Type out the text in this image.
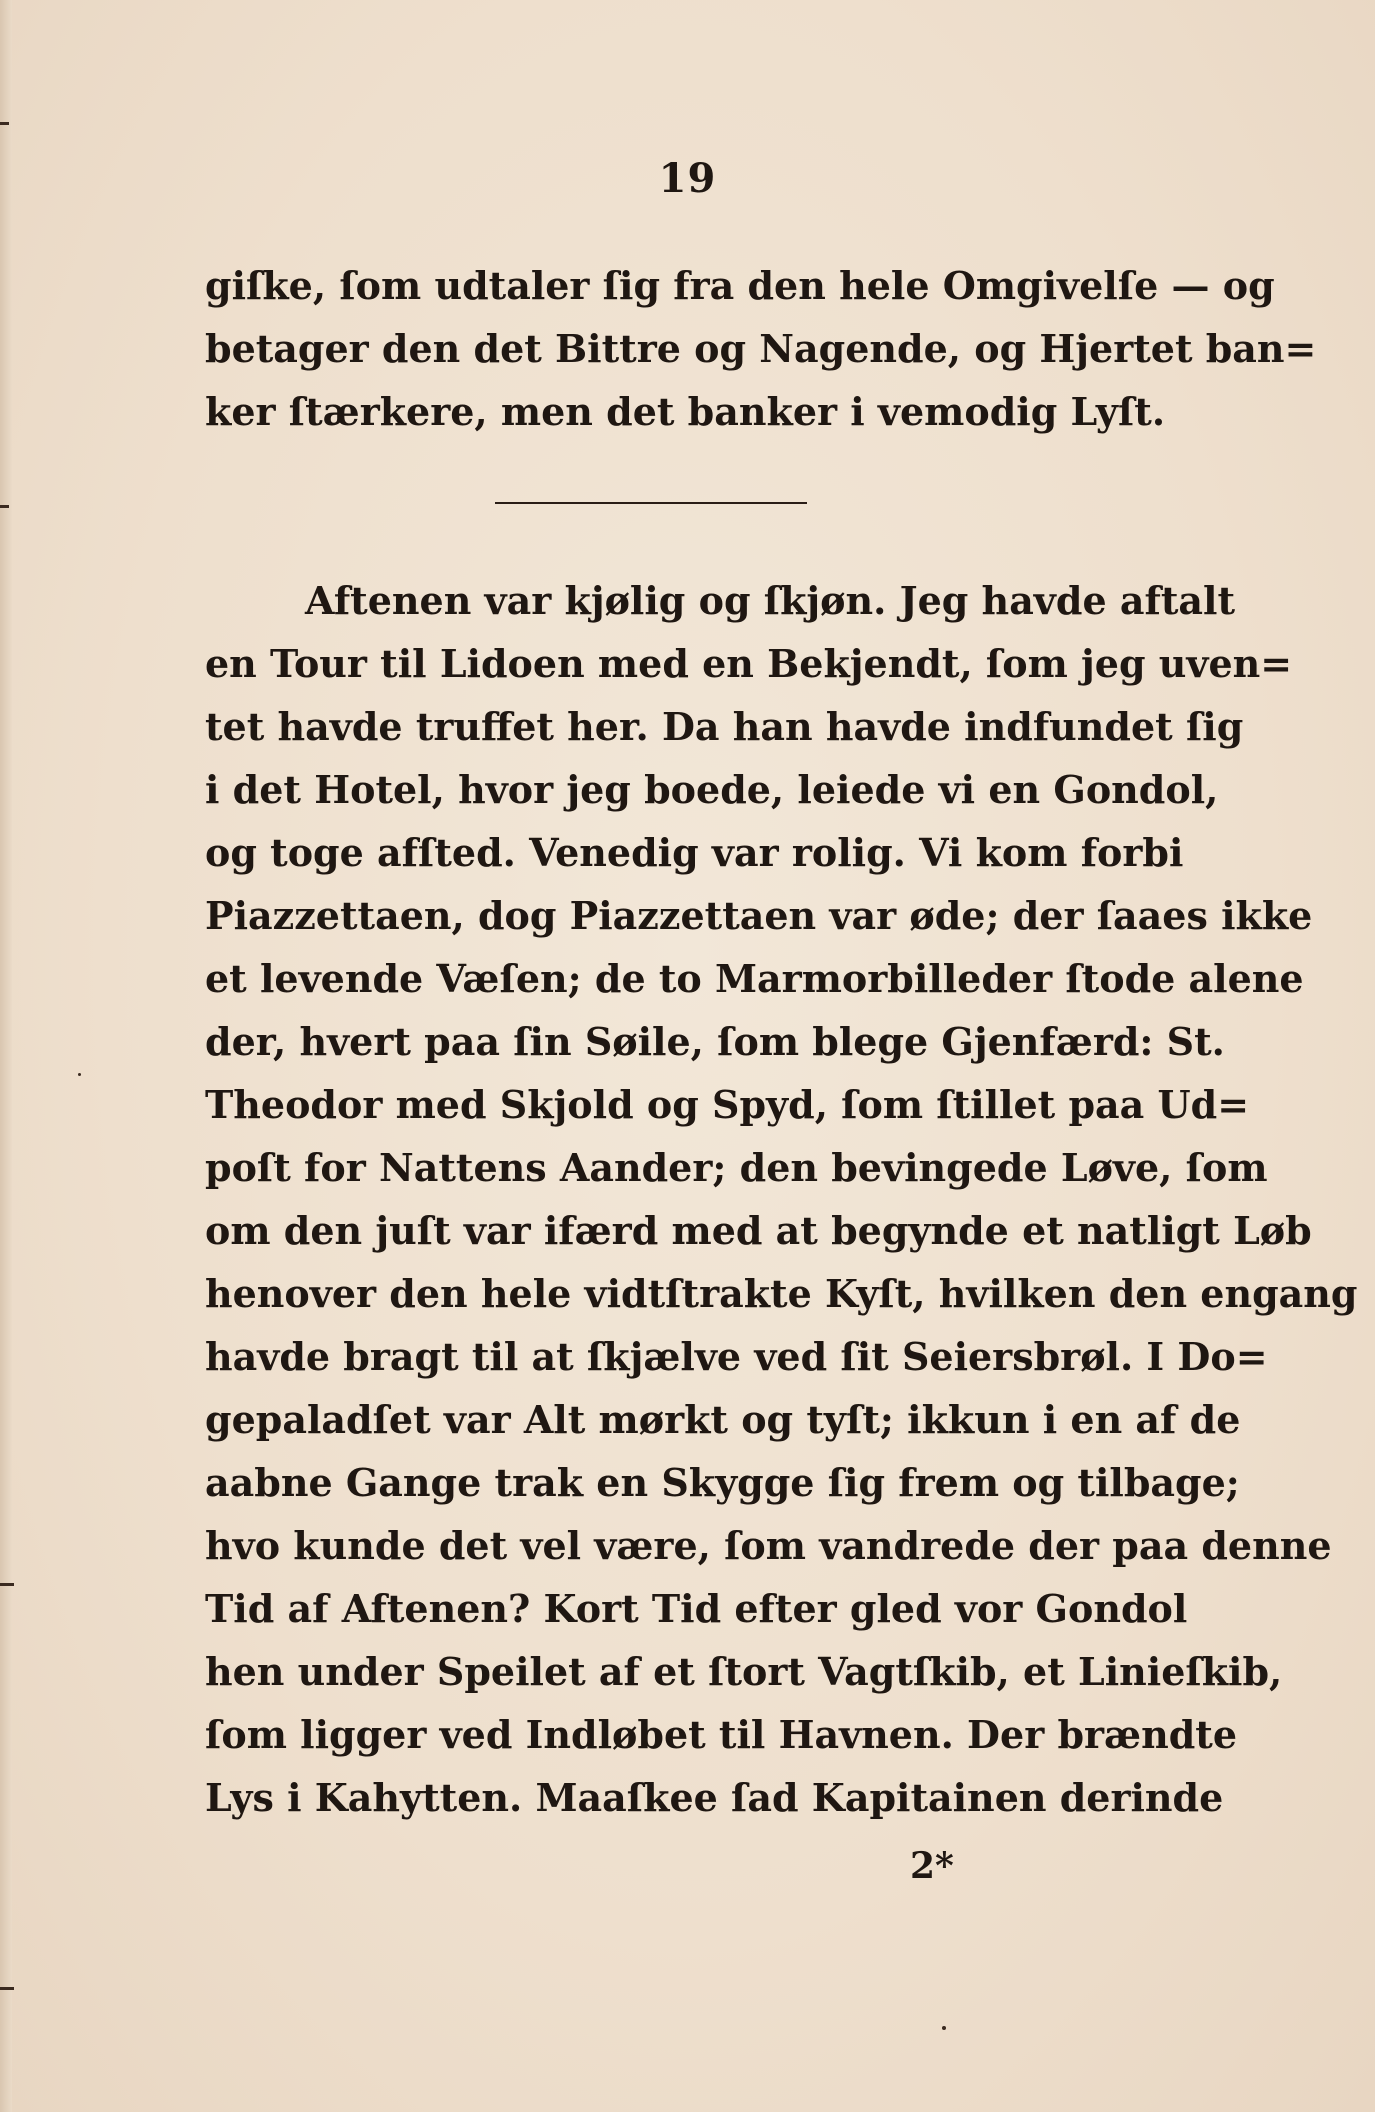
19
giſke, ſom udtaler ſig fra den hele Omgivelſe — og
betager den det Bittre og Nagende, og Hjertet ban=
ker ſtærkere, men det banker i vemodig Lyſt.
Aftenen var kjølig og ſkjøn. Jeg havde aftalt
en Tour til Lidoen med en Bekjendt, ſom jeg uven=
tet havde truffet her. Da han havde indfundet ſig
i det Hotel, hvor jeg boede, leiede vi en Gondol,
og toge afſted. Venedig var rolig. Vi kom forbi
Piazzettaen, dog Piazzettaen var øde; der ſaaes ikke
et levende Væſen; de to Marmorbilleder ſtode alene
der, hvert paa ſin Søile, ſom blege Gjenfærd: St.
Theodor med Skjold og Spyd, ſom ſtillet paa Ud=
poſt for Nattens Aander; den bevingede Løve, ſom
om den juſt var ifærd med at begynde et natligt Løb
henover den hele vidtſtrakte Kyſt, hvilken den engang
havde bragt til at ſkjælve ved ſit Seiersbrøl. I Do=
gepaladſet var Alt mørkt og tyſt; ikkun i en af de
aabne Gange trak en Skygge ſig frem og tilbage;
hvo kunde det vel være, ſom vandrede der paa denne
Tid af Aftenen? Kort Tid efter gled vor Gondol
hen under Speilet af et ſtort Vagtſkib, et Linieſkib,
ſom ligger ved Indløbet til Havnen. Der brændte
Lys i Kahytten. Maaſkee ſad Kapitainen derinde
2*
